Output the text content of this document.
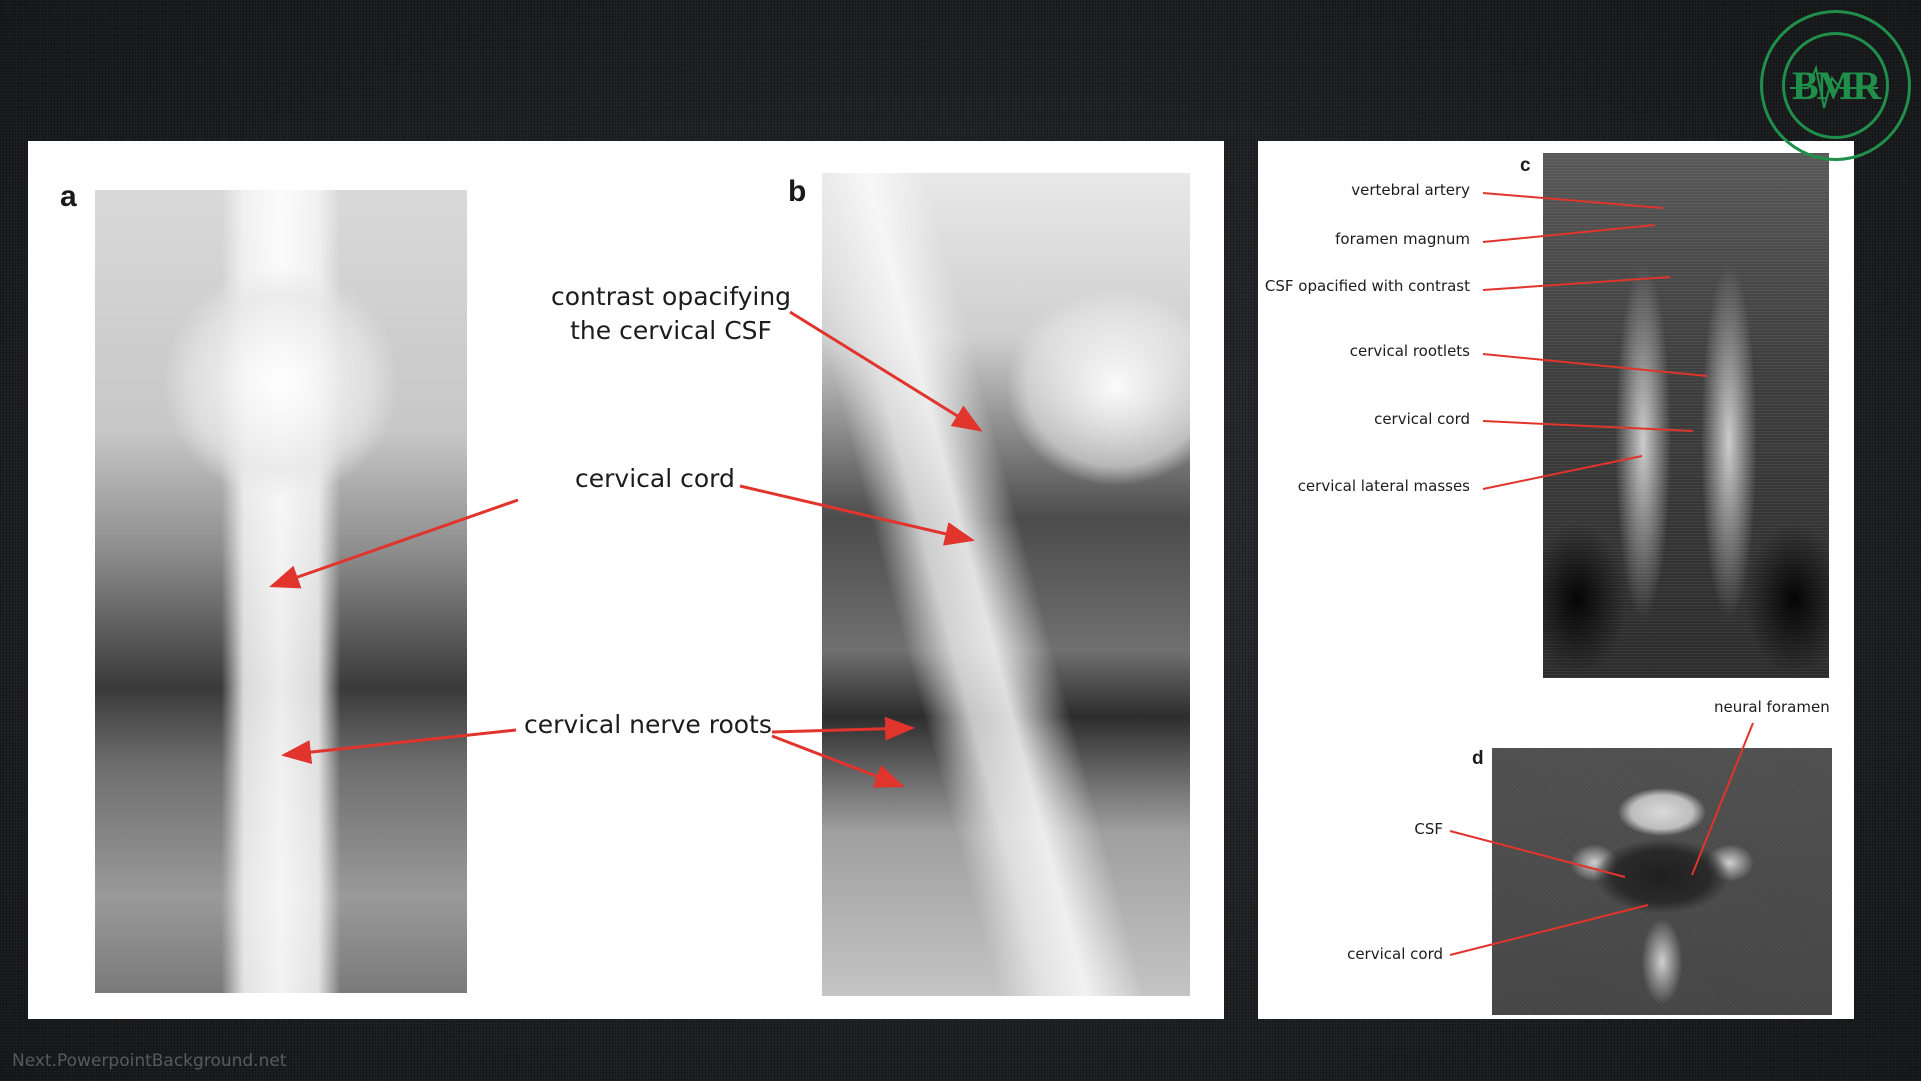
a	b
c
d
contrast opacifying
the cervical CSF
cervical cord
cervical nerve roots
vertebral artery
foramen magnum
CSF opacified with contrast
cervical rootlets
cervical cord
cervical lateral masses
neural foramen
CSF
cervical cord
BMR
Next.PowerpointBackground.net
